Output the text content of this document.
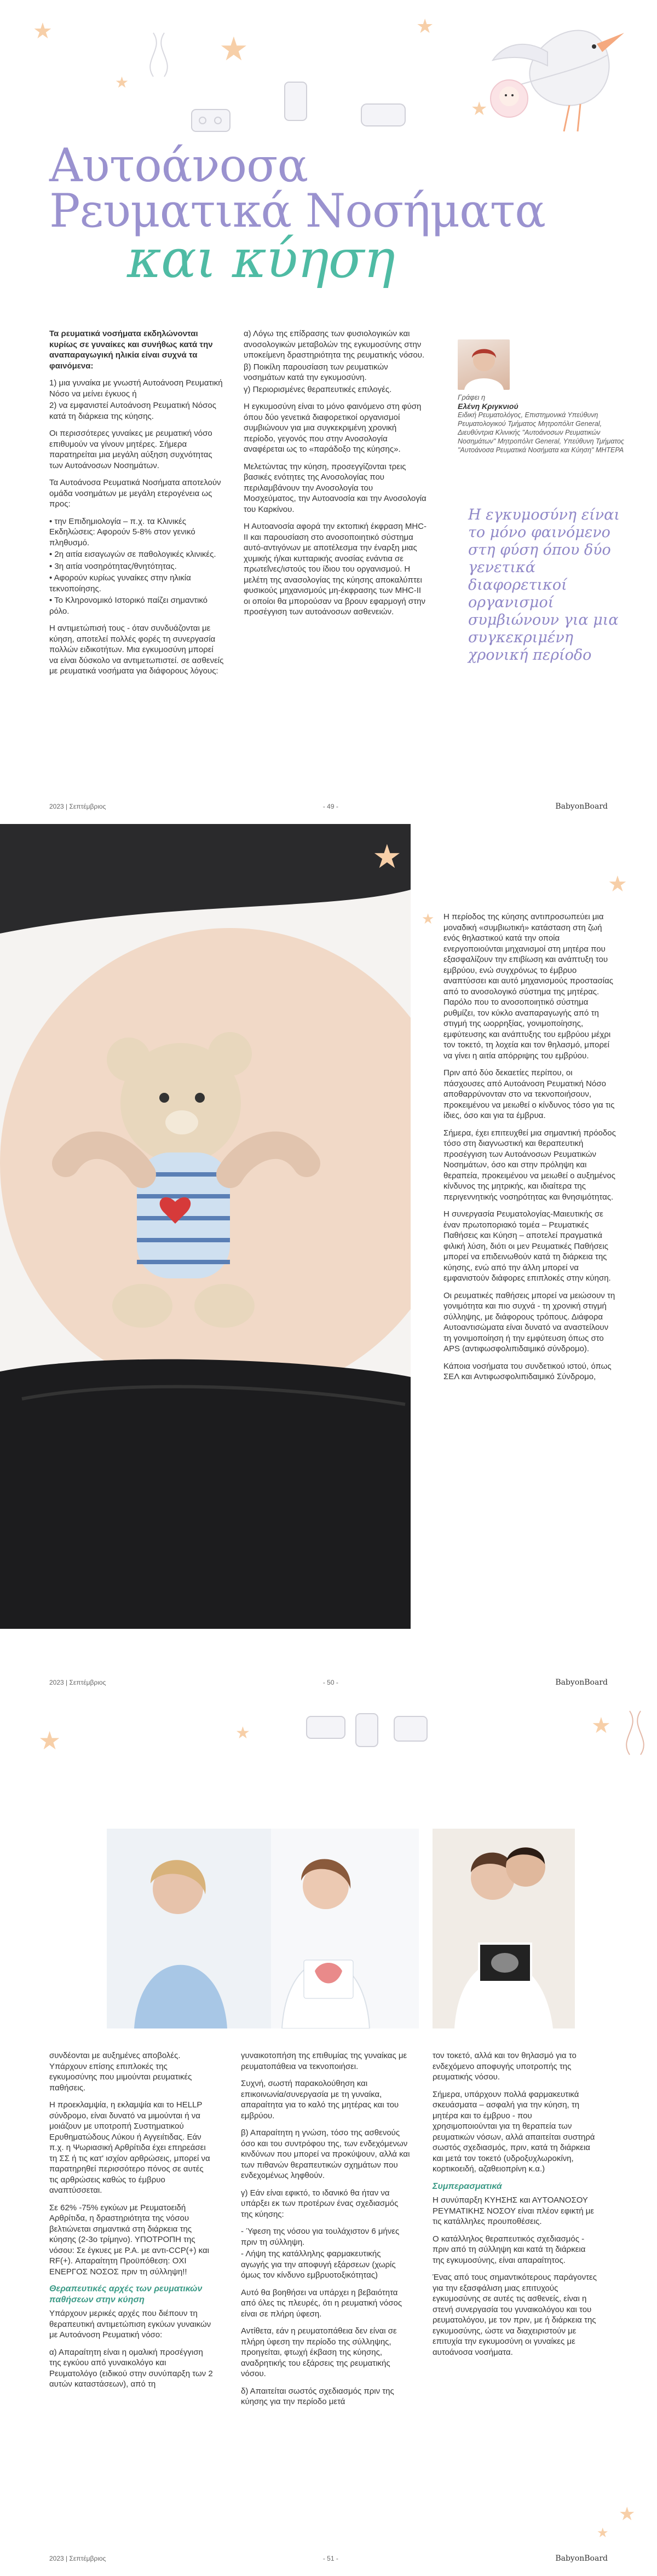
★	★
★
★
★
Αυτοάνοσα
Ρευματικά Νοσήματα
και κύηση

Τα ρευματικά νοσήματα εκδηλώνονται κυρίως σε γυναίκες και συνήθως κατά την αναπαραγωγική ηλικία είναι συχνά τα φαινόμενα:

1) μια γυναίκα με γνωστή Αυτοάνοση Ρευματική Νόσο να μείνει έγκυος ή
2) να εμφανιστεί Αυτοάνοση Ρευματική Νόσος κατά τη διάρκεια της κύησης.

Οι περισσότερες γυναίκες με ρευματική νόσο επιθυμούν να γίνουν μητέρες. Σήμερα παρατηρείται μια μεγάλη αύξηση συχνότητας των Αυτοάνοσων Νοσημάτων.

Τα Αυτοάνοσα Ρευματικά Νοσήματα αποτελούν ομάδα νοσημάτων με μεγάλη ετερογένεια ως προς:

• την Επιδημιολογία – π.χ. τα Κλινικές Εκδηλώσεις: Αφορούν 5-8% στον γενικό πληθυσμό.
• 2η αιτία εισαγωγών σε παθολογικές κλινικές.
• 3η αιτία νοσηρότητας/θνητότητας.
• Αφορούν κυρίως γυναίκες στην ηλικία τεκνοποίησης.
• Το Κληρονομικό Ιστορικό παίζει σημαντικό ρόλο.

Η αντιμετώπισή τους - όταν συνδυάζονται με κύηση, αποτελεί πολλές φορές τη συνεργασία πολλών ειδικοτήτων. Μια εγκυμοσύνη μπορεί να είναι δύσκολο να αντιμετωπιστεί. σε ασθενείς με ρευματικά νοσήματα για διάφορους λόγους:

α) Λόγω της επίδρασης των φυσιολογικών και ανοσολογικών μεταβολών της εγκυμοσύνης στην υποκείμενη δραστηριότητα της ρευματικής νόσου.
β) Ποικίλη παρουσίαση των ρευματικών νοσημάτων κατά την εγκυμοσύνη.
γ) Περιορισμένες θεραπευτικές επιλογές.

Η εγκυμοσύνη είναι το μόνο φαινόμενο στη φύση όπου δύο γενετικά διαφορετικοί οργανισμοί συμβιώνουν για μια συγκεκριμένη χρονική περίοδο, γεγονός που στην Ανοσολογία αναφέρεται ως το «παράδοξο της κύησης».

Μελετώντας την κύηση, προσεγγίζονται τρεις βασικές ενότητες της Ανοσολογίας που περιλαμβάνουν την Ανοσολογία του Μοσχεύματος, την Αυτοανοσία και την Ανοσολογία του Καρκίνου.

Η Αυτοανοσία αφορά την εκτοπική έκφραση MHC-II και παρουσίαση στο ανοσοποιητικό σύστημα αυτό-αντιγόνων με αποτέλεσμα την έναρξη μιας χυμικής ή/και κυτταρικής ανοσίας ενάντια σε πρωτεΐνες/ιστούς του ίδιου του οργανισμού. Η μελέτη της ανασολογίας της κύησης αποκαλύπτει φυσικούς μηχανισμούς μη-έκφρασης των MHC-II οι οποίοι θα μπορούσαν να βρουν εφαρμογή στην προσέγγιση των αυτοάνοσων ασθενειών.

Γράφει η
Ελένη Κριγκνιού
Ειδική Ρευματολόγος, Επιστημονικά Υπεύθυνη Ρευματολογικού Τμήματος Μητροπόλιτ General, Διευθύντρια Κλινικής "Αυτοάνοσων Ρευματικών Νοσημάτων" Μητροπόλιτ General, Υπεύθυνη Τμήματος "Αυτοάνοσα Ρευματικά Νοσήματα και Κύηση" ΜΗΤΕΡΑ
Η εγκυμοσύνη είναι το μόνο φαινόμενο στη φύση όπου δύο γενετικά διαφορετικοί οργανισμοί συμβιώνουν για μια συγκεκριμένη χρονική περίοδο
2023 | Σεπτέμβριος	- 49 -	BabyonBoard
★
★
★ Η περίοδος της κύησης αντιπροσωπεύει μια μοναδική «συμβιωτική» κατάσταση στη ζωή ενός θηλαστικού κατά την οποία ενεργοποιούνται μηχανισμοί στη μητέρα που εξασφαλίζουν την επιβίωση και ανάπτυξη του εμβρύου, ενώ συγχρόνως το έμβρυο αναπτύσσει και αυτό μηχανισμούς προστασίας από το ανοσολογικό σύστημα της μητέρας. Παρόλο που το ανοσοποιητικό σύστημα ρυθμίζει, τον κύκλο αναπαραγωγής από τη στιγμή της ωορρηξίας, γονιμοποίησης, εμφύτευσης και ανάπτυξης του εμβρύου μέχρι τον τοκετό, τη λοχεία και τον θηλασμό, μπορεί να γίνει η αιτία απόρριψης του εμβρύου.

Πριν από δύο δεκαετίες περίπου, οι πάσχουσες από Αυτοάνοση Ρευματική Νόσο αποθαρρύνονταν στο να τεκνοποιήσουν, προκειμένου να μειωθεί ο κίνδυνος τόσο για τις ίδιες, όσο και για τα έμβρυα.

Σήμερα, έχει επιτευχθεί μια σημαντική πρόοδος τόσο στη διαγνωστική και θεραπευτική προσέγγιση των Αυτοάνοσων Ρευματικών Νοσημάτων, όσο και στην πρόληψη και θεραπεία, προκειμένου να μειωθεί ο αυξημένος κίνδυνος της μητρικής, και ιδιαίτερα της περιγεννητικής νοσηρότητας και θνησιμότητας.

Η συνεργασία Ρευματολογίας-Μαιευτικής σε έναν πρωτοποριακό τομέα – Ρευματικές Παθήσεις και Κύηση – αποτελεί πραγματικά φιλική λύση, διότι οι μεν Ρευματικές Παθήσεις μπορεί να επιδεινωθούν κατά τη διάρκεια της κύησης, ενώ από την άλλη μπορεί να εμφανιστούν διάφορες επιπλοκές στην κύηση.

Οι ρευματικές παθήσεις μπορεί να μειώσουν τη γονιμότητα και πιο συχνά - τη χρονική στιγμή σύλληψης, με διάφορους τρόπους. Διάφορα Αυτοαντισώματα είναι δυνατό να αναστείλουν τη γονιμοποίηση ή την εμφύτευση όπως στο APS (αντιφωσφολιπιδαιμικό σύνδρομο).

Κάποια νοσήματα του συνδετικού ιστού, όπως ΣΕΛ και Αντιφωσφολιπιδαιμικό Σύνδρομο,

2023 | Σεπτέμβριος	- 50 -	BabyonBoard
★	★	★

συνδέονται με αυξημένες αποβολές. Υπάρχουν επίσης επιπλοκές της εγκυμοσύνης που μιμούνται ρευματικές παθήσεις.

Η προεκλαμψία, η εκλαμψία και το HELLP σύνδρομο, είναι δυνατό να μιμούνται ή να μοιάζουν με υποτροπή Συστηματικού Ερυθηματώδους Λύκου ή Αγγειίτιδας. Εάν π.χ. η Ψωριασική Αρθρίτιδα έχει επηρεάσει τη ΣΣ ή τις κατ' ισχίον αρθρώσεις, μπορεί να παρατηρηθεί περισσότερο πόνος σε αυτές τις αρθρώσεις καθώς το έμβρυο αναπτύσσεται.

Σε 62% -75% εγκύων με Ρευματοειδή Αρθρίτιδα, η δραστηριότητα της νόσου βελτιώνεται σημαντικά στη διάρκεια της κύησης (2-3ο τρίμηνο). ΥΠΟΤΡΟΠΗ της νόσου: Σε έγκυες με Ρ.Α. με αντι-CCP(+) και RF(+). Απαραίτητη Προϋπόθεση: ΟΧΙ ΕΝΕΡΓΟΣ ΝΟΣΟΣ πριν τη σύλληψη!!

Θεραπευτικές αρχές των ρευματικών παθήσεων στην κύηση

Υπάρχουν μερικές αρχές που διέπουν τη θεραπευτική αντιμετώπιση εγκύων γυναικών με Αυτοάνοση Ρευματική νόσο:

α) Απαραίτητη είναι η ομαλική προσέγγιση της εγκύου από γυναικολόγο και Ρευματολόγο (ειδικού στην συνύπαρξη των 2 αυτών καταστάσεων), από τη

γυναικοτοπήση της επιθυμίας της γυναίκας με ρευματοπάθεια να τεκνοποιήσει.

Συχνή, σωστή παρακολούθηση και επικοινωνία/συνεργασία με τη γυναίκα, απαραίτητα για το καλό της μητέρας και του εμβρύου.

β) Απαραίτητη η γνώση, τόσο της ασθενούς όσο και του συντρόφου της, των ενδεχόμενων κινδύνων που μπορεί να προκύψουν, αλλά και των πιθανών θεραπευτικών σχημάτων που ενδεχομένως ληφθούν.

γ) Εάν είναι εφικτό, το ιδανικό θα ήταν να υπάρξει εκ των προτέρων ένας σχεδιασμός της κύησης:

- Ύφεση της νόσου για τουλάχιστον 6 μήνες πριν τη σύλληψη.
- Λήψη της κατάλληλης φαρμακευτικής αγωγής για την αποφυγή εξάρσεων (χωρίς όμως τον κίνδυνο εμβρυοτοξικότητας)

Αυτό θα βοηθήσει να υπάρχει η βεβαιότητα από όλες τις πλευρές, ότι η ρευματική νόσος είναι σε πλήρη ύφεση.

Αντίθετα, εάν η ρευματοπάθεια δεν είναι σε πλήρη ύφεση την περίοδο της σύλληψης, προηγείται, φτωχή έκβαση της κύησης, αναδρητικής του εξάρσεις της ρευματικής νόσου.

δ) Απαιτείται σωστός σχεδιασμός πριν της κύησης για την περίοδο μετά

τον τοκετό, αλλά και τον θηλασμό για το ενδεχόμενο αποφυγής υποτροπής της ρευματικής νόσου.

Σήμερα, υπάρχουν πολλά φαρμακευτικά σκευάσματα – ασφαλή για την κύηση, τη μητέρα και το έμβρυο - που χρησιμοποιούνται για τη θεραπεία των ρευματικών νόσων, αλλά απαιτείται συστηρά σωστός σχεδιασμός, πριν, κατά τη διάρκεια και μετά τον τοκετό (υδροξυχλωροκίνη, κορτικοειδή, αζαθειοπρίνη κ.α.)

Συμπερασματικά

Η συνύπαρξη ΚΥΗΣΗΣ και ΑΥΤΟΑΝΟΣΟΥ ΡΕΥΜΑΤΙΚΗΣ ΝΟΣΟΥ είναι πλέον εφικτή με τις κατάλληλες προυποθέσεις.

Ο κατάλληλος θεραπευτικός σχεδιασμός - πριν από τη σύλληψη και κατά τη διάρκεια της εγκυμοσύνης, είναι απαραίτητος.

Ένας από τους σημαντικότερους παράγοντες για την εξασφάλιση μιας επιτυχούς εγκυμοσύνης σε αυτές τις ασθενείς, είναι η στενή συνεργασία του γυναικολόγου και του ρευματολόγου, με τον πριν, με ή διάρκεια της εγκυμοσύνης, ώστε να διαχειριστούν με επιτυχία την εγκυμοσύνη οι γυναίκες με αυτοάνοσα νοσήματα.

★
★
2023 | Σεπτέμβριος	- 51 -	BabyonBoard
